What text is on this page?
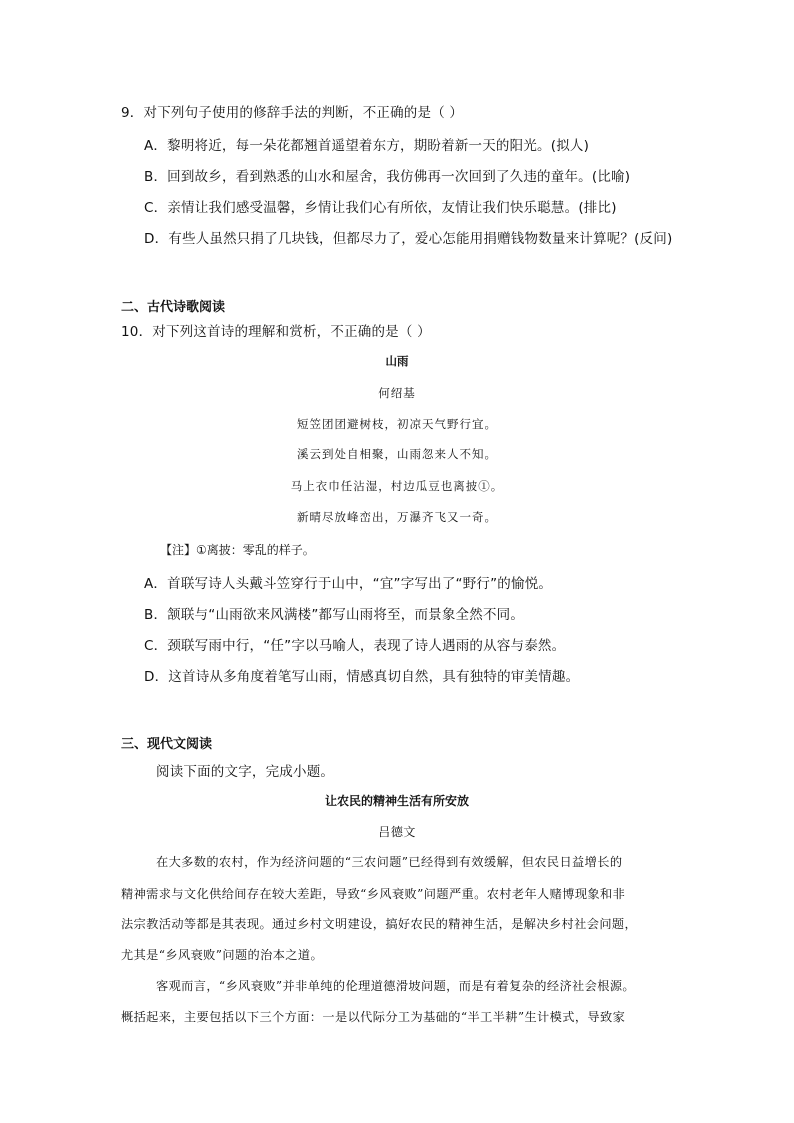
9．对下列句子使用的修辞手法的判断，不正确的是（ ）
A．黎明将近，每一朵花都翘首遥望着东方，期盼着新一天的阳光。(拟人)
B．回到故乡，看到熟悉的山水和屋舍，我仿佛再一次回到了久违的童年。(比喻)
C．亲情让我们感受温馨，乡情让我们心有所依，友情让我们快乐聪慧。(排比)
D．有些人虽然只捐了几块钱，但都尽力了，爱心怎能用捐赠钱物数量来计算呢？(反问)
二、古代诗歌阅读
10．对下列这首诗的理解和赏析，不正确的是（ ）
山雨
何绍基
短笠团团避树枝，初凉天气野行宜。
溪云到处自相聚，山雨忽来人不知。
马上衣巾任沾湿，村边瓜豆也离披①。
新晴尽放峰峦出，万瀑齐飞又一奇。
【注】①离披：零乱的样子。
A．首联写诗人头戴斗笠穿行于山中，“宜”字写出了“野行”的愉悦。
B．颔联与“山雨欲来风满楼”都写山雨将至，而景象全然不同。
C．颈联写雨中行，“任”字以马喻人，表现了诗人遇雨的从容与泰然。
D．这首诗从多角度着笔写山雨，情感真切自然，具有独特的审美情趣。
三、现代文阅读
阅读下面的文字，完成小题。
让农民的精神生活有所安放
吕德文
在大多数的农村，作为经济问题的“三农问题”已经得到有效缓解，但农民日益增长的
精神需求与文化供给间存在较大差距，导致“乡风衰败”问题严重。农村老年人赌博现象和非
法宗教活动等都是其表现。通过乡村文明建设，搞好农民的精神生活，是解决乡村社会问题，
尤其是“乡风衰败”问题的治本之道。
客观而言，“乡风衰败”并非单纯的伦理道德滑坡问题，而是有着复杂的经济社会根源。
概括起来，主要包括以下三个方面：一是以代际分工为基础的“半工半耕”生计模式，导致家
